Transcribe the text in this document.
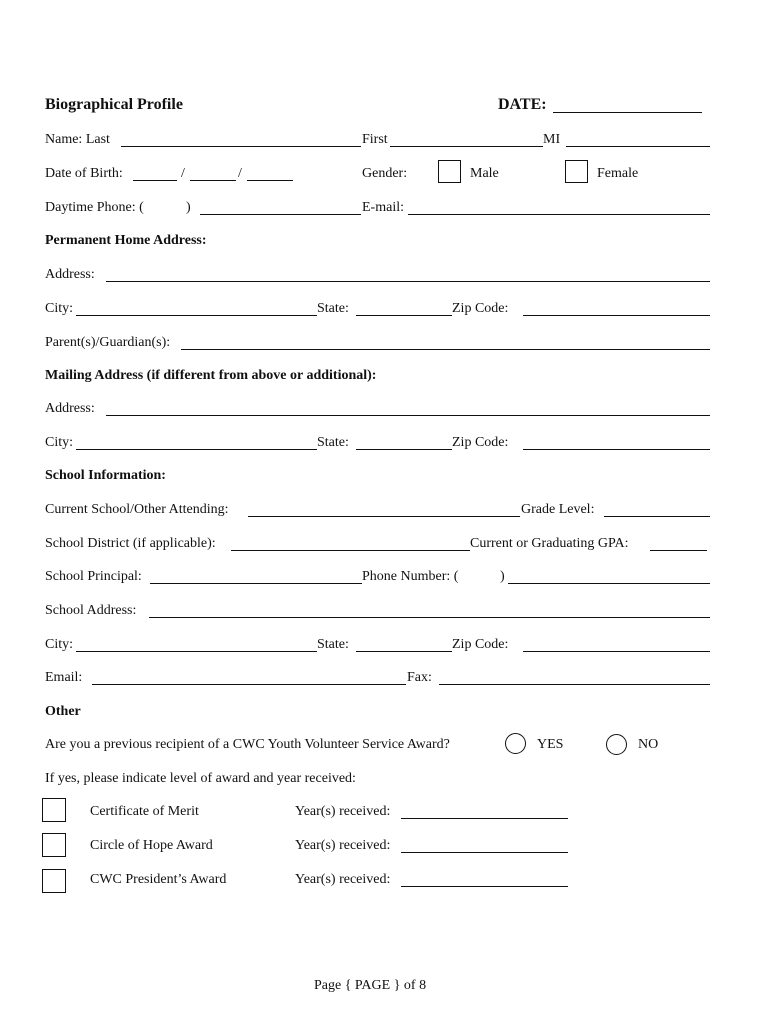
Biographical Profile	DATE:
Name: Last	First	MI
Date of Birth:	/	/	Gender:	Male	Female
Daytime Phone: (	)	E-mail:
Permanent Home Address:
Address:
City:	State:	Zip Code:
Parent(s)/Guardian(s):
Mailing Address (if different from above or additional):
Address:
City:	State:	Zip Code:
School Information:
Current School/Other Attending:	Grade Level:
School District (if applicable):	Current or Graduating GPA:
School Principal:	Phone Number: (	)
School Address:
City:	State:	Zip Code:
Email:	Fax:
Other
Are you a previous recipient of a CWC Youth Volunteer Service Award?	YES	NO
If yes, please indicate level of award and year received:
Certificate of Merit	Year(s) received:
Circle of Hope Award	Year(s) received:
CWC President’s Award	Year(s) received:
Page { PAGE } of 8
